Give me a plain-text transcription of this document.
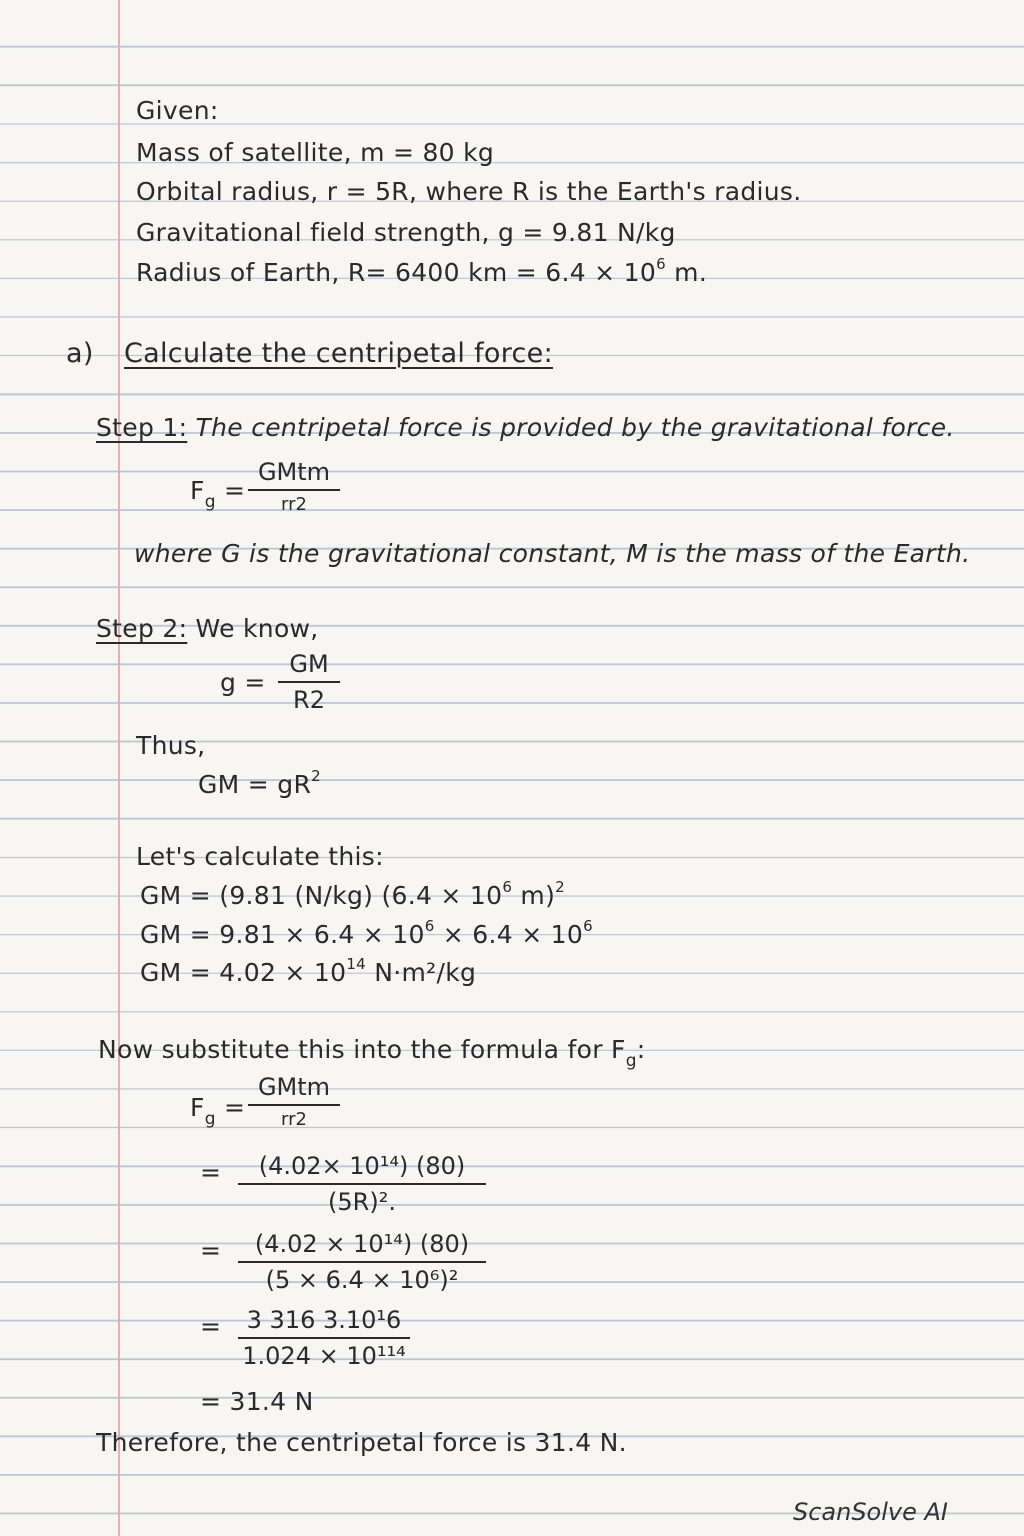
Given:
Mass of satellite, m = 80 kg
Orbital radius, r = 5R, where R is the Earth's radius.
Gravitational field strength, g = 9.81 N/kg
Radius of Earth, R= 6400 km = $6.4 \times 10^6$ m.
a) Calculate the centripetal force:
Step 1: The centripetal force is provided by the gravitational force.
$F_g$ =
GMtm
rr2
where G is the gravitational constant, M is the mass of the Earth.
Step 2: We know,
g =
GM
R2
Thus,
GM = $gR^2$
Let's calculate this:
GM = (9.81 (N/kg) ($6.4 \times 10^6$ m)$^2$
GM = $9.81 \times 6.4 \times 10^6 \times 6.4 \times 10^6$
GM = $4.02 \times 10^{14}$ N·m²/kg
Now substitute this into the formula for $F_g$:
$F_g$ =
GMtm
rr2
=	(4.02× 10¹⁴) (80)
(5R)².
=	(4.02 × 10¹⁴) (80)
(5 × 6.4 × 10⁶)²
=	3 316 3.10¹6
1.024 × 10¹¹⁴
= 31.4 N
Therefore, the centripetal force is 31.4 N.
ScanSolve AI
